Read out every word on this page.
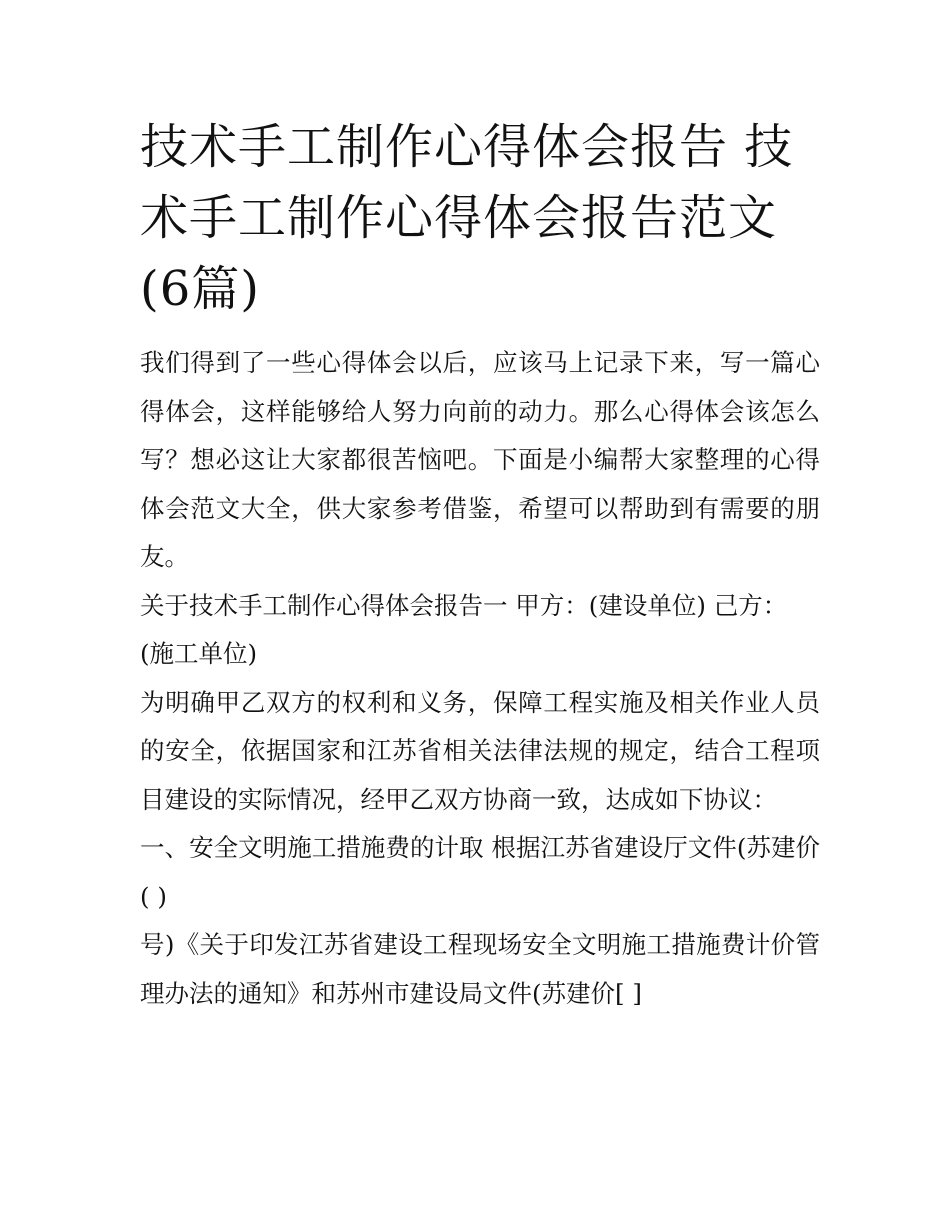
技术手工制作心得体会报告 技术手工制作心得体会报告范文(6篇)

我们得到了一些心得体会以后，应该马上记录下来，写一篇心得体会，这样能够给人努力向前的动力。那么心得体会该怎么写？想必这让大家都很苦恼吧。下面是小编帮大家整理的心得体会范文大全，供大家参考借鉴，希望可以帮助到有需要的朋友。

关于技术手工制作心得体会报告一 甲方：(建设单位) 己方：

(施工单位)

为明确甲乙双方的权利和义务，保障工程实施及相关作业人员的安全，依据国家和江苏省相关法律法规的规定，结合工程项目建设的实际情况，经甲乙双方协商一致，达成如下协议：

一、安全文明施工措施费的计取 根据江苏省建设厅文件(苏建价( )

号)《关于印发江苏省建设工程现场安全文明施工措施费计价管理办法的通知》和苏州市建设局文件(苏建价[ ]
